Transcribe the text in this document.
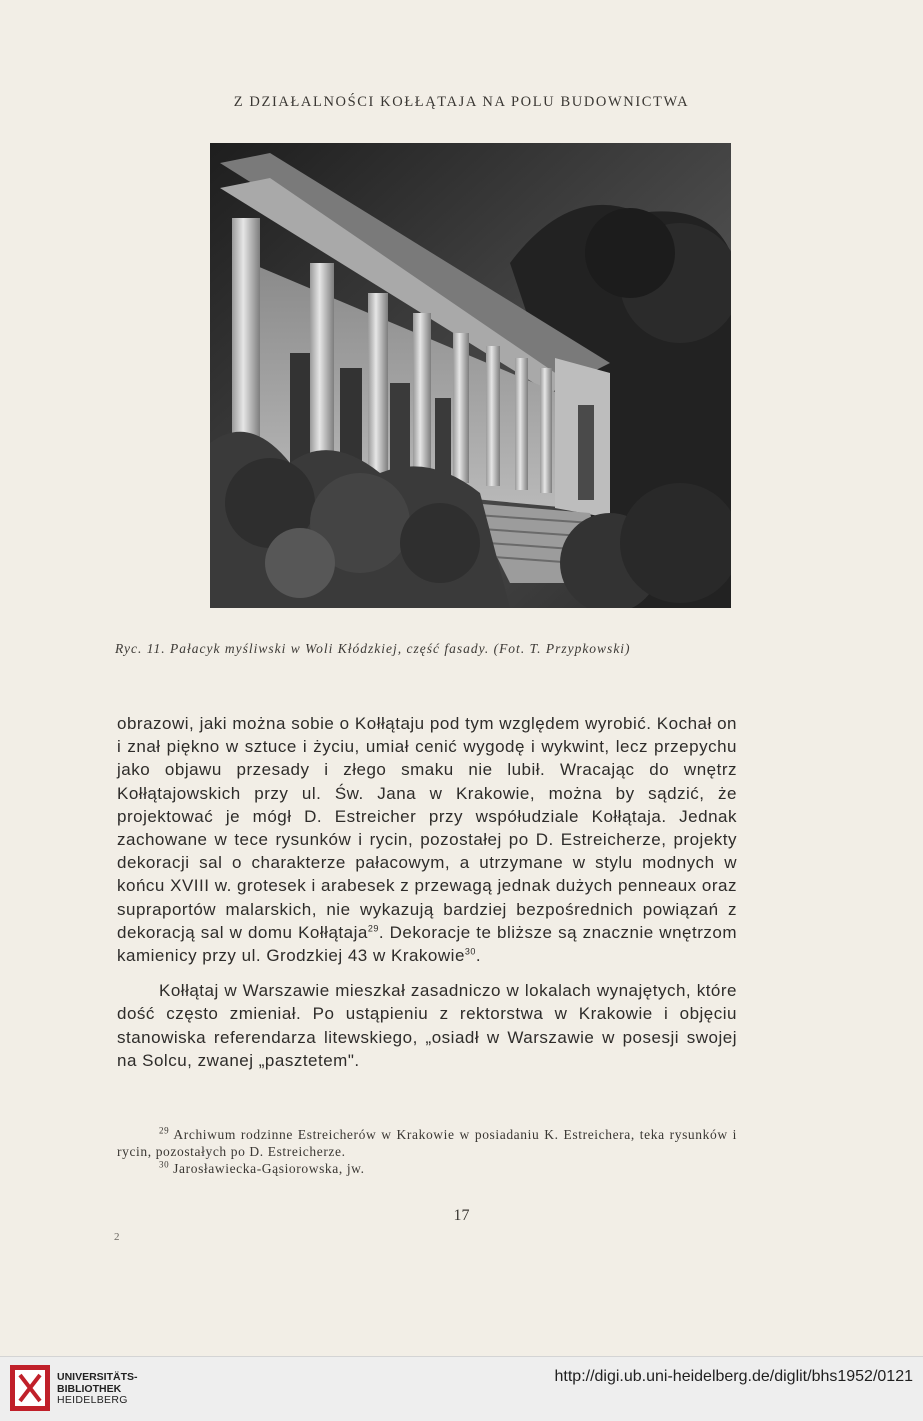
Z DZIAŁALNOŚCI KOŁŁĄTAJA NA POLU BUDOWNICTWA
Ryc. 11. Pałacyk myśliwski w Woli Kłódzkiej, część fasady. (Fot. T. Przypkowski)

obrazowi, jaki można sobie o Kołłątaju pod tym względem wyrobić. Kochał on i znał piękno w sztuce i życiu, umiał cenić wygodę i wykwint, lecz przepychu jako objawu przesady i złego smaku nie lubił. Wracając do wnętrz Kołłątajowskich przy ul. Św. Jana w Krakowie, można by sądzić, że projektować je mógł D. Estreicher przy współudziale Kołłątaja. Jednak zachowane w tece rysunków i rycin, pozostałej po D. Estreicherze, projekty dekoracji sal o charakterze pałacowym, a utrzymane w stylu modnych w końcu XVIII w. grotesek i arabesek z przewagą jednak dużych penneaux oraz supraportów malarskich, nie wykazują bardziej bezpośrednich powiązań z dekoracją sal w domu Kołłątaja$^{29}$. Dekoracje te bliższe są znacznie wnętrzom kamienicy przy ul. Grodzkiej 43 w Krakowie$^{30}$.

Kołłątaj w Warszawie mieszkał zasadniczo w lokalach wynajętych, które dość często zmieniał. Po ustąpieniu z rektorstwa w Krakowie i objęciu stanowiska referendarza litewskiego, „osiadł w Warszawie w posesji swojej na Solcu, zwanej „pasztetem".

$^{29}$ Archiwum rodzinne Estreicherów w Krakowie w posiadaniu K. Estreichera, teka rysunków i rycin, pozostałych po D. Estreicherze.

$^{30}$ Jarosławiecka-Gąsiorowska, jw.

17
2
UNIVERSITÄTS-
BIBLIOTHEK
HEIDELBERG
http://digi.ub.uni-heidelberg.de/diglit/bhs1952/0121
